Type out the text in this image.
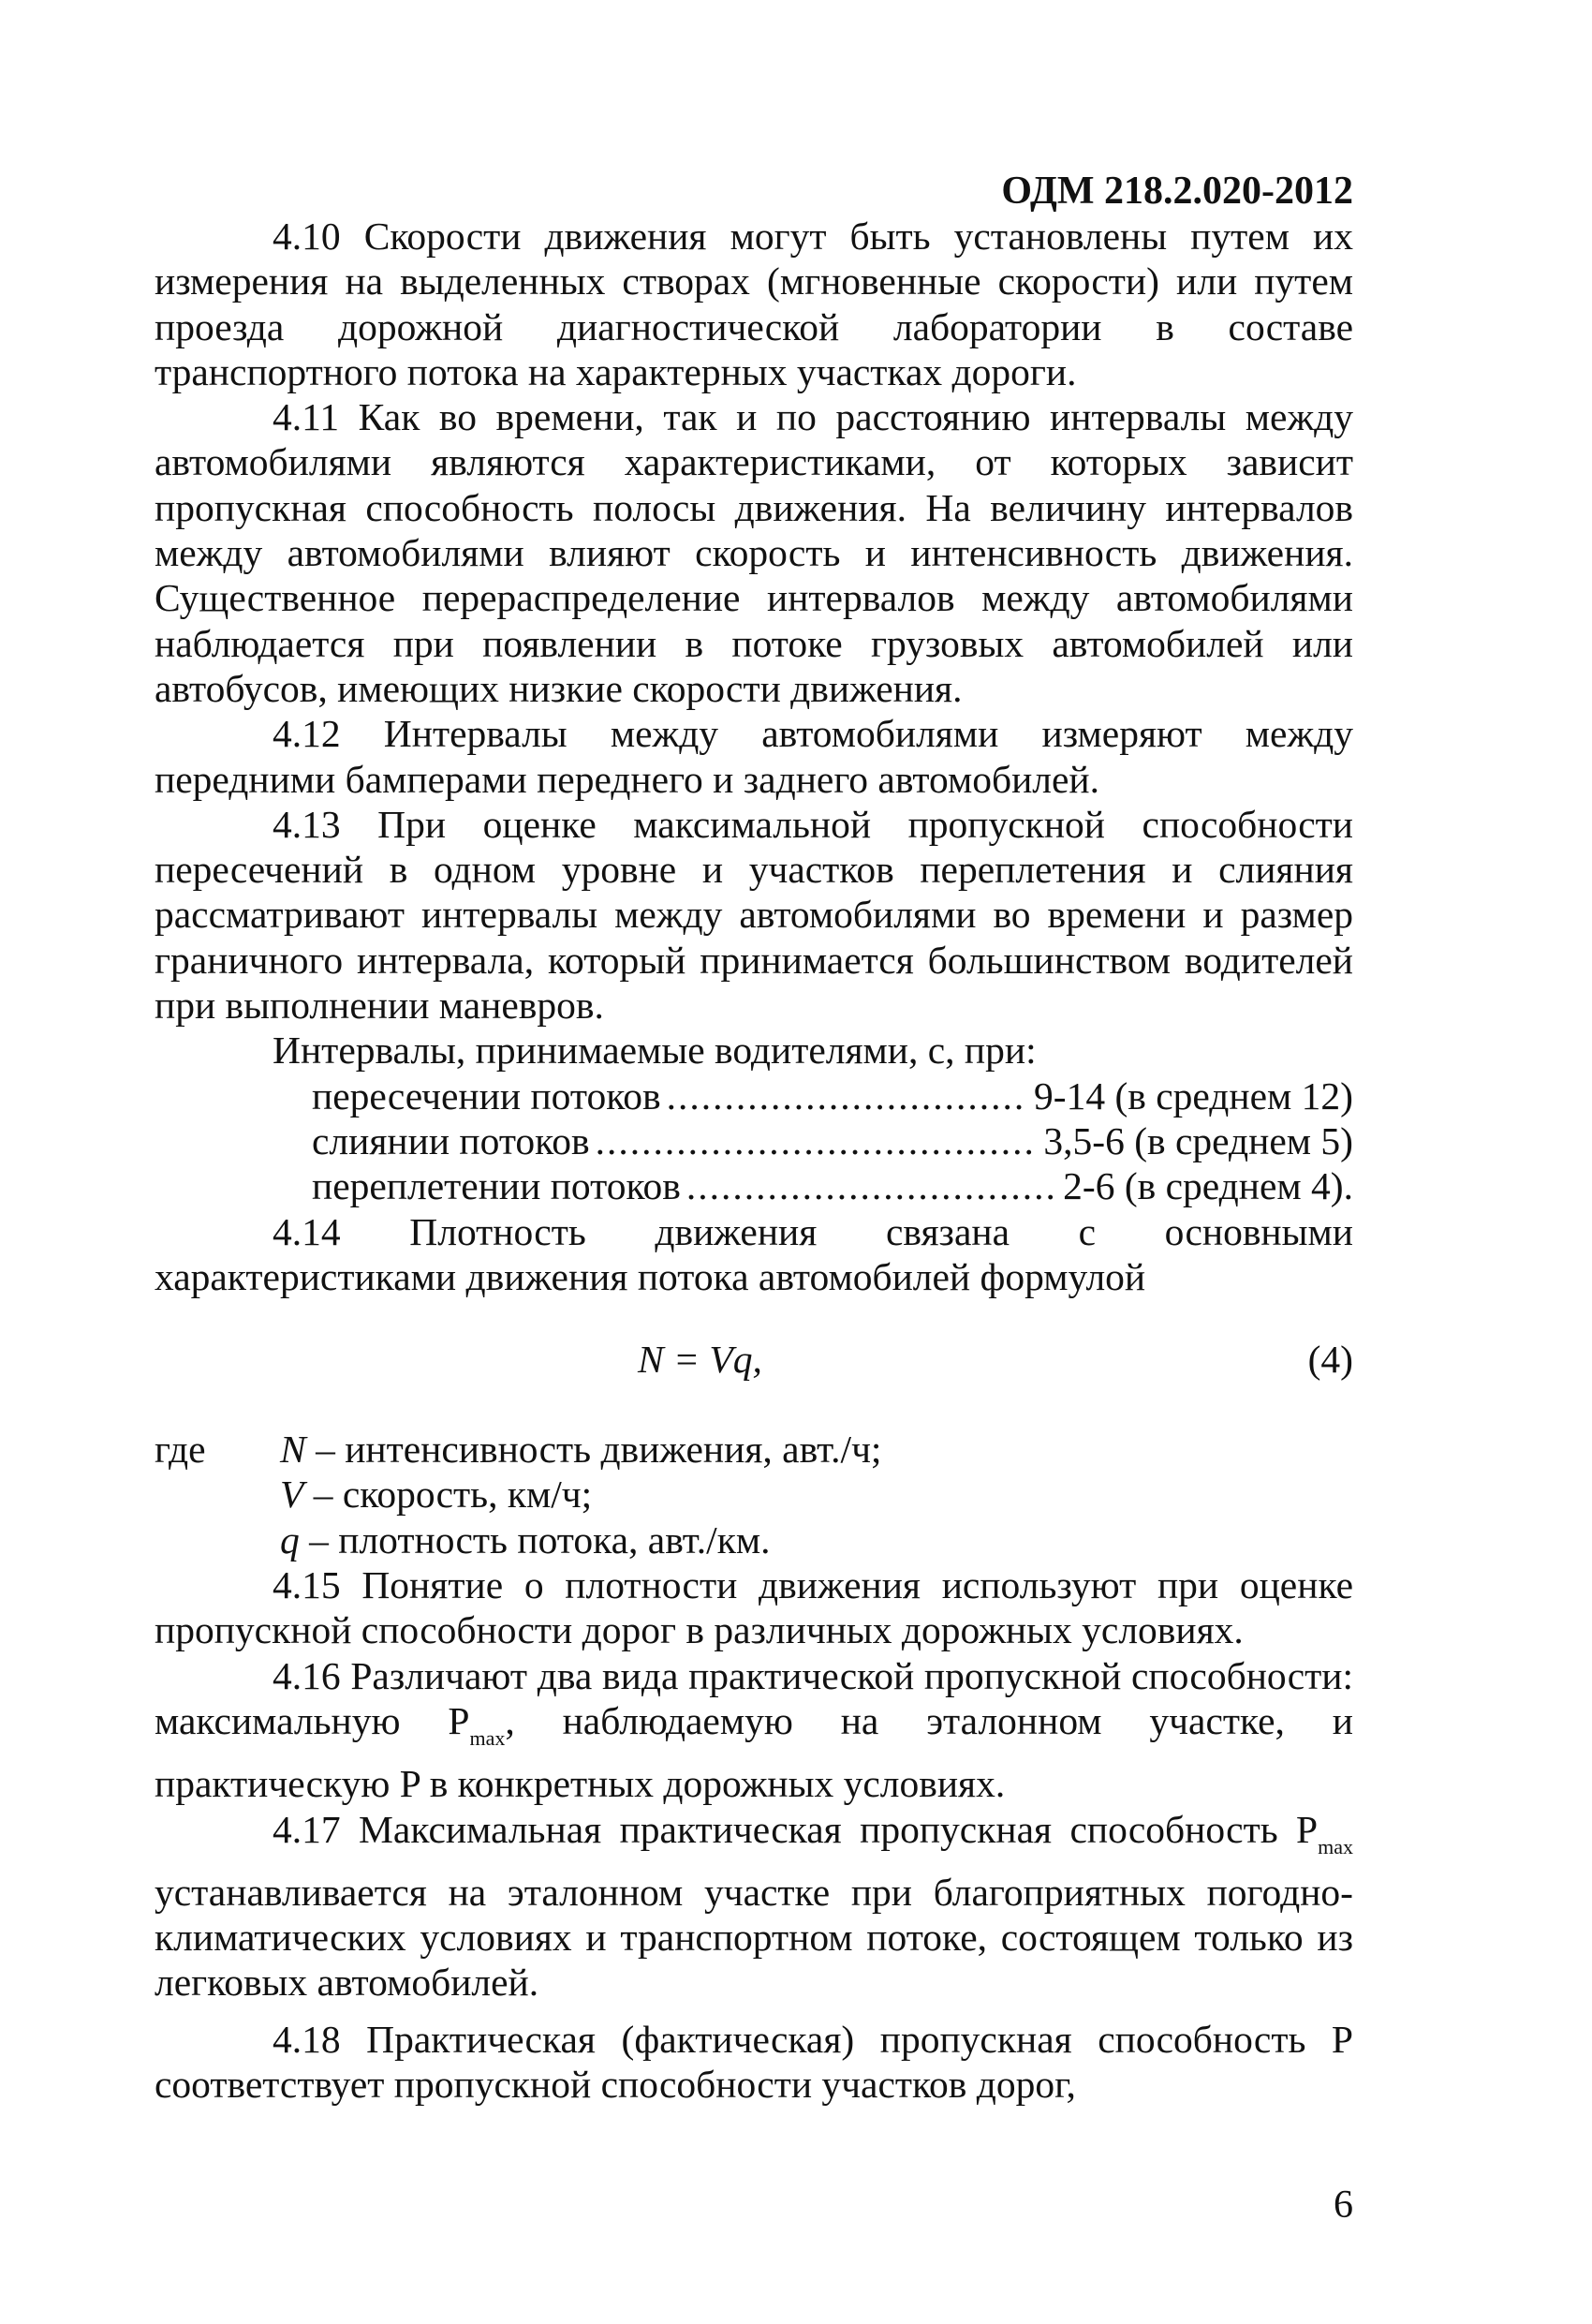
ОДМ 218.2.020-2012

4.10 Скорости движения могут быть установлены путем их измерения на выделенных створах (мгновенные скорости) или путем проезда дорожной диагностической лаборатории в составе транспортного потока на характерных участках дороги.

4.11 Как во времени, так и по расстоянию интервалы между автомобилями являются характеристиками, от которых зависит пропускная способность полосы движения. На величину интервалов между автомобилями влияют скорость и интенсивность движения. Существенное перераспределение интервалов между автомобилями наблюдается при появлении в потоке грузовых автомобилей или автобусов, имеющих низкие скорости движения.

4.12 Интервалы между автомобилями измеряют между передними бамперами переднего и заднего автомобилей.

4.13 При оценке максимальной пропускной способности пересечений в одном уровне и участков переплетения и слияния рассматривают интервалы между автомобилями во времени и размер граничного интервала, который принимается большинством водителей при выполнении маневров.

Интервалы, принимаемые водителями, с, при:

пересечении потоков .....	9-14 (в среднем 12)
слиянии потоков .....	3,5-6 (в среднем 5)
переплетении потоков .....	2-6 (в среднем 4).

4.14 Плотность движения связана с основными характеристиками движения потока автомобилей формулой

N = Vq,	(4)
где	N – интенсивность движения, авт./ч;
V – скорость, км/ч;
q – плотность потока, авт./км.

4.15 Понятие о плотности движения используют при оценке пропускной способности дорог в различных дорожных условиях.

4.16 Различают два вида практической пропускной способности: максимальную $P_{max}$, наблюдаемую на эталонном участке, и практическую P в конкретных дорожных условиях.

4.17 Максимальная практическая пропускная способность $P_{max}$ устанавливается на эталонном участке при благоприятных погодно-климатических условиях и транспортном потоке, состоящем только из легковых автомобилей.

4.18 Практическая (фактическая) пропускная способность P соответствует пропускной способности участков дорог,

6
